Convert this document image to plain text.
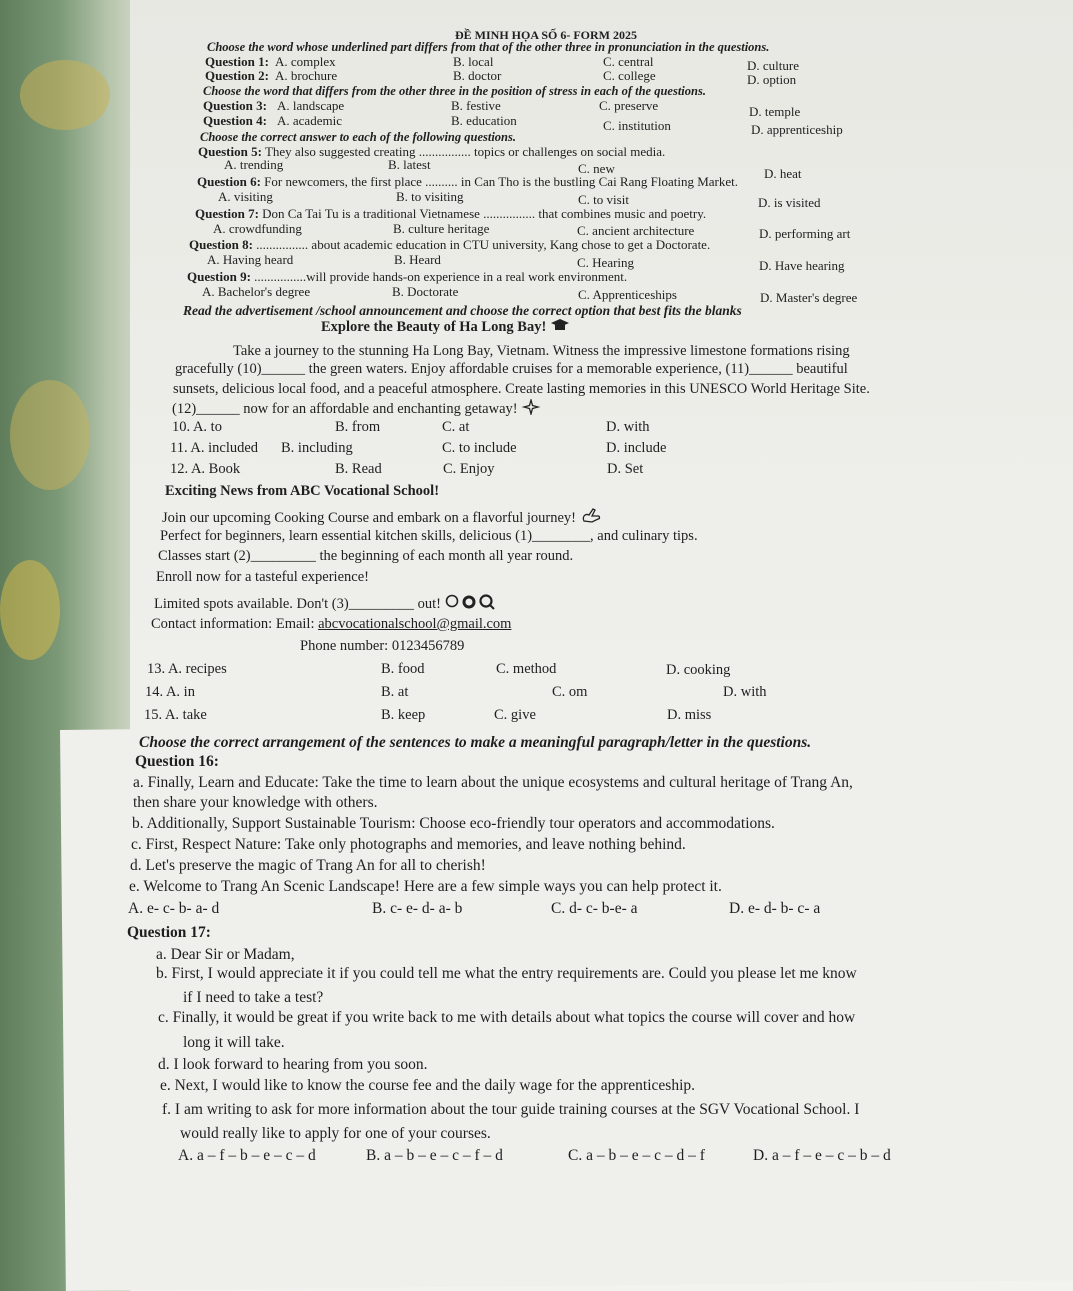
ĐỀ MINH HỌA SỐ 6- FORM 2025
Choose the word whose underlined part differs from that of the other three in pronunciation in the questions.
Question 1: A. complex	B. local	C. central	D. culture
Question 2: A. brochure	B. doctor	C. college	D. option
Choose the word that differs from the other three in the position of stress in each of the questions.
Question 3: A. landscape	B. festive	C. preserve	D. temple
Question 4: A. academic	B. education	C. institution	D. apprenticeship
Choose the correct answer to each of the following questions.
Question 5: They also suggested creating ................ topics or challenges on social media.
A. trending	B. latest	C. new	D. heat
Question 6: For newcomers, the first place .......... in Can Tho is the bustling Cai Rang Floating Market.
A. visiting	B. to visiting	C. to visit	D. is visited
Question 7: Don Ca Tai Tu is a traditional Vietnamese ................ that combines music and poetry.
A. crowdfunding	B. culture heritage	C. ancient architecture	D. performing art
Question 8: ................ about academic education in CTU university, Kang chose to get a Doctorate.
A. Having heard	B. Heard	C. Hearing	D. Have hearing
Question 9: ................will provide hands-on experience in a real work environment.
A. Bachelor's degree	B. Doctorate	C. Apprenticeships	D. Master's degree
Read the advertisement /school announcement and choose the correct option that best fits the blanks
Explore the Beauty of Ha Long Bay!
Take a journey to the stunning Ha Long Bay, Vietnam. Witness the impressive limestone formations rising
gracefully (10)______ the green waters. Enjoy affordable cruises for a memorable experience, (11)______ beautiful
sunsets, delicious local food, and a peaceful atmosphere. Create lasting memories in this UNESCO World Heritage Site.
(12)______ now for an affordable and enchanting getaway!
10. A. to	B. from	C. at	D. with
11. A. included B. including	C. to include	D. include
12. A. Book	B. Read	C. Enjoy	D. Set
Exciting News from ABC Vocational School!
Join our upcoming Cooking Course and embark on a flavorful journey!
Perfect for beginners, learn essential kitchen skills, delicious (1)________, and culinary tips.
Classes start (2)_________ the beginning of each month all year round.
Enroll now for a tasteful experience!
Limited spots available. Don't (3)_________ out!
Contact information: Email: abcvocationalschool@gmail.com
Phone number: 0123456789
13. A. recipes	B. food	C. method	D. cooking
14. A. in	B. at	C. om	D. with
15. A. take	B. keep	C. give	D. miss
Choose the correct arrangement of the sentences to make a meaningful paragraph/letter in the questions.
Question 16:
a. Finally, Learn and Educate: Take the time to learn about the unique ecosystems and cultural heritage of Trang An,
then share your knowledge with others.
b. Additionally, Support Sustainable Tourism: Choose eco-friendly tour operators and accommodations.
c. First, Respect Nature: Take only photographs and memories, and leave nothing behind.
d. Let's preserve the magic of Trang An for all to cherish!
e. Welcome to Trang An Scenic Landscape! Here are a few simple ways you can help protect it.
A. e- c- b- a- d	B. c- e- d- a- b	C. d- c- b-e- a	D. e- d- b- c- a
Question 17:
a. Dear Sir or Madam,
b. First, I would appreciate it if you could tell me what the entry requirements are. Could you please let me know
if I need to take a test?
c. Finally, it would be great if you write back to me with details about what topics the course will cover and how
long it will take.
d. I look forward to hearing from you soon.
e. Next, I would like to know the course fee and the daily wage for the apprenticeship.
f. I am writing to ask for more information about the tour guide training courses at the SGV Vocational School. I
would really like to apply for one of your courses.
A. a – f – b – e – c – d	B. a – b – e – c – f – d	C. a – b – e – c – d – f	D. a – f – e – c – b – d
